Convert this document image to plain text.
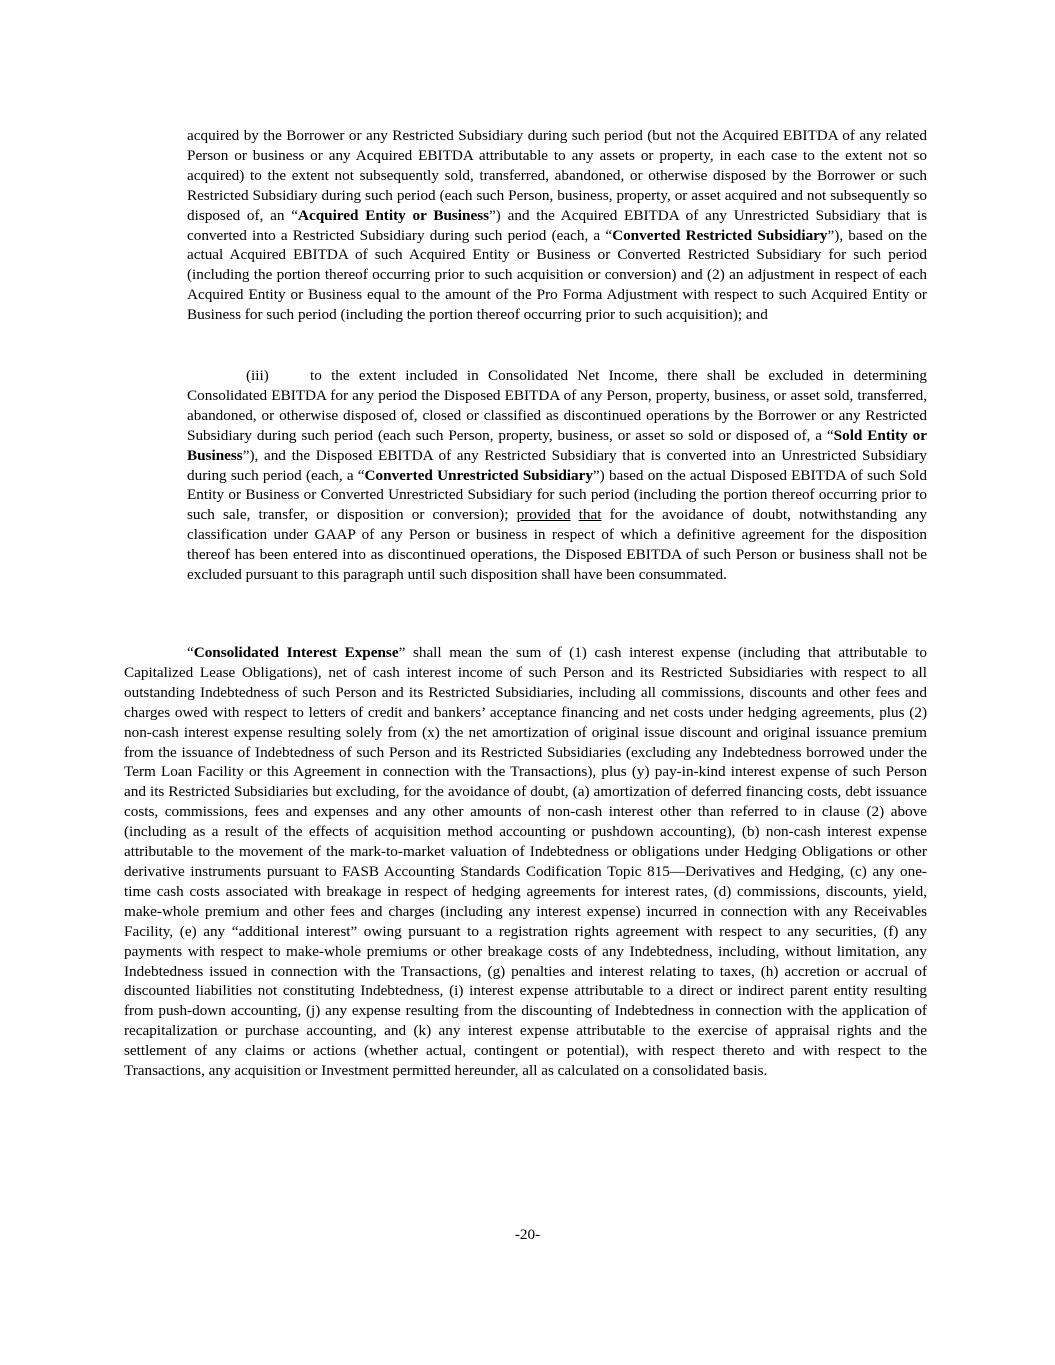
acquired by the Borrower or any Restricted Subsidiary during such period (but not the Acquired EBITDA of any related Person or business or any Acquired EBITDA attributable to any assets or property, in each case to the extent not so acquired) to the extent not subsequently sold, transferred, abandoned, or otherwise disposed by the Borrower or such Restricted Subsidiary during such period (each such Person, business, property, or asset acquired and not subsequently so disposed of, an “Acquired Entity or Business”) and the Acquired EBITDA of any Unrestricted Subsidiary that is converted into a Restricted Subsidiary during such period (each, a “Converted Restricted Subsidiary”), based on the actual Acquired EBITDA of such Acquired Entity or Business or Converted Restricted Subsidiary for such period (including the portion thereof occurring prior to such acquisition or conversion) and (2) an adjustment in respect of each Acquired Entity or Business equal to the amount of the Pro Forma Adjustment with respect to such Acquired Entity or Business for such period (including the portion thereof occurring prior to such acquisition); and

(iii)	to the extent included in Consolidated Net Income, there shall be excluded in determining Consolidated EBITDA for any period the Disposed EBITDA of any Person, property, business, or asset sold, transferred, abandoned, or otherwise disposed of, closed or classified as discontinued operations by the Borrower or any Restricted Subsidiary during such period (each such Person, property, business, or asset so sold or disposed of, a “Sold Entity or Business”), and the Disposed EBITDA of any Restricted Subsidiary that is converted into an Unrestricted Subsidiary during such period (each, a “Converted Unrestricted Subsidiary”) based on the actual Disposed EBITDA of such Sold Entity or Business or Converted Unrestricted Subsidiary for such period (including the portion thereof occurring prior to such sale, transfer, or disposition or conversion); provided that for the avoidance of doubt, notwithstanding any classification under GAAP of any Person or business in respect of which a definitive agreement for the disposition thereof has been entered into as discontinued operations, the Disposed EBITDA of such Person or business shall not be excluded pursuant to this paragraph until such disposition shall have been consummated.

“Consolidated Interest Expense” shall mean the sum of (1) cash interest expense (including that attributable to Capitalized Lease Obligations), net of cash interest income of such Person and its Restricted Subsidiaries with respect to all outstanding Indebtedness of such Person and its Restricted Subsidiaries, including all commissions, discounts and other fees and charges owed with respect to letters of credit and bankers’ acceptance financing and net costs under hedging agreements, plus (2) non-cash interest expense resulting solely from (x) the net amortization of original issue discount and original issuance premium from the issuance of Indebtedness of such Person and its Restricted Subsidiaries (excluding any Indebtedness borrowed under the Term Loan Facility or this Agreement in connection with the Transactions), plus (y) pay-in-kind interest expense of such Person and its Restricted Subsidiaries but excluding, for the avoidance of doubt, (a) amortization of deferred financing costs, debt issuance costs, commissions, fees and expenses and any other amounts of non-cash interest other than referred to in clause (2) above (including as a result of the effects of acquisition method accounting or pushdown accounting), (b) non-cash interest expense attributable to the movement of the mark-to-market valuation of Indebtedness or obligations under Hedging Obligations or other derivative instruments pursuant to FASB Accounting Standards Codification Topic 815—Derivatives and Hedging, (c) any one-time cash costs associated with breakage in respect of hedging agreements for interest rates, (d) commissions, discounts, yield, make-whole premium and other fees and charges (including any interest expense) incurred in connection with any Receivables Facility, (e) any “additional interest” owing pursuant to a registration rights agreement with respect to any securities, (f) any payments with respect to make-whole premiums or other breakage costs of any Indebtedness, including, without limitation, any Indebtedness issued in connection with the Transactions, (g) penalties and interest relating to taxes, (h) accretion or accrual of discounted liabilities not constituting Indebtedness, (i) interest expense attributable to a direct or indirect parent entity resulting from push-down accounting, (j) any expense resulting from the discounting of Indebtedness in connection with the application of recapitalization or purchase accounting, and (k) any interest expense attributable to the exercise of appraisal rights and the settlement of any claims or actions (whether actual, contingent or potential), with respect thereto and with respect to the Transactions, any acquisition or Investment permitted hereunder, all as calculated on a consolidated basis.

-20-
